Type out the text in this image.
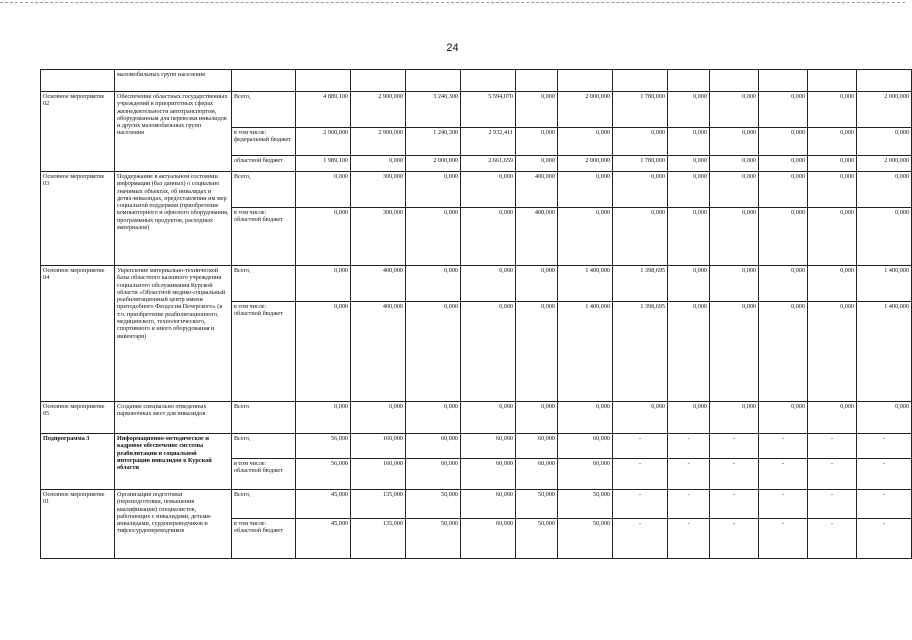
24
	маломобильных групп населения													
Основное мероприятие 02	Обеспечение областных государственных учреждений в приоритетных сферах жизнедеятельности автотранспортом, оборудованным для перевозки инвалидов и других маломобильных групп населения	Всего,	4 889,100	2 900,000	3 240,300	5 594,070	0,000	2 000,000	1 780,000	0,000	0,000	0,000	0,000	2 000,000
		в том числе: федеральный бюджет	2 900,000	2 900,000	1 240,300	2 932,411	0,000	0,000	0,000	0,000	0,000	0,000	0,000	0,000
		областной бюджет	1 989,100	0,000	2 000,000	2 661,659	0,000	2 000,000	1 780,000	0,000	0,000	0,000	0,000	2 000,000
Основное мероприятие 03	Поддержание в актуальном состоянии информации (баз данных) о социально значимых объектах, об инвалидах и детях-инвалидах, предоставлении им мер социальной поддержки (приобретение компьютерного и офисного оборудования, программных продуктов, расходных материалов)	Всего,	0,000	300,000	0,000	0,000	400,000	0,000	0,000	0,000	0,000	0,000	0,000	0,000
		в том числе: областной бюджет	0,000	300,000	0,000	0,000	400,000	0,000	0,000	0,000	0,000	0,000	0,000	0,000
Основное мероприятие 04	Укрепление материально-технической базы областного казенного учреждения социального обслуживания Курской области «Областной медико-социальный реабилитационный центр имени преподобного Феодосия Печерского» (в т.ч. приобретение реабилитационного, медицинского, технологического, спортивного и иного оборудования и инвентаря)	Всего,	0,000	400,000	0,000	0,000	0,000	1 400,000	1 398,695	0,000	0,000	0,000	0,000	1 400,000
		в том числе: областной бюджет	0,000	400,000	0,000	0,000	0,000	1 400,000	1 398,695	0,000	0,000	0,000	0,000	1 400,000
Основное мероприятие 05	Создание специально отведенных парковочных мест для инвалидов	Всего	0,000	0,000	0,000	0,000	0,000	0,000	0,000	0,000	0,000	0,000	0,000	0,000
Подпрограмма 3	Информационно-методическое и кадровое обеспечение системы реабилитации и социальной интеграции инвалидов в Курской области	Всего,	56,000	160,000	60,000	60,000	60,000	60,000	-	-	-	-	-	-
		в том числе: областной бюджет	56,000	160,000	60,000	60,000	60,000	60,000	-	-	-	-	-	-
Основное мероприятие 01	Организация подготовки (переподготовки, повышения квалификации) специалистов, работающих с инвалидами, детьми-инвалидами, сурдопереводчиков и тифлосурдопереводчиков	Всего,	45,000	135,000	50,000	60,000	50,000	50,000	-	-	-	-	-	-
		в том числе: областной бюджет	45,000	135,000	50,000	60,000	50,000	50,000	-	-	-	-	-	-
